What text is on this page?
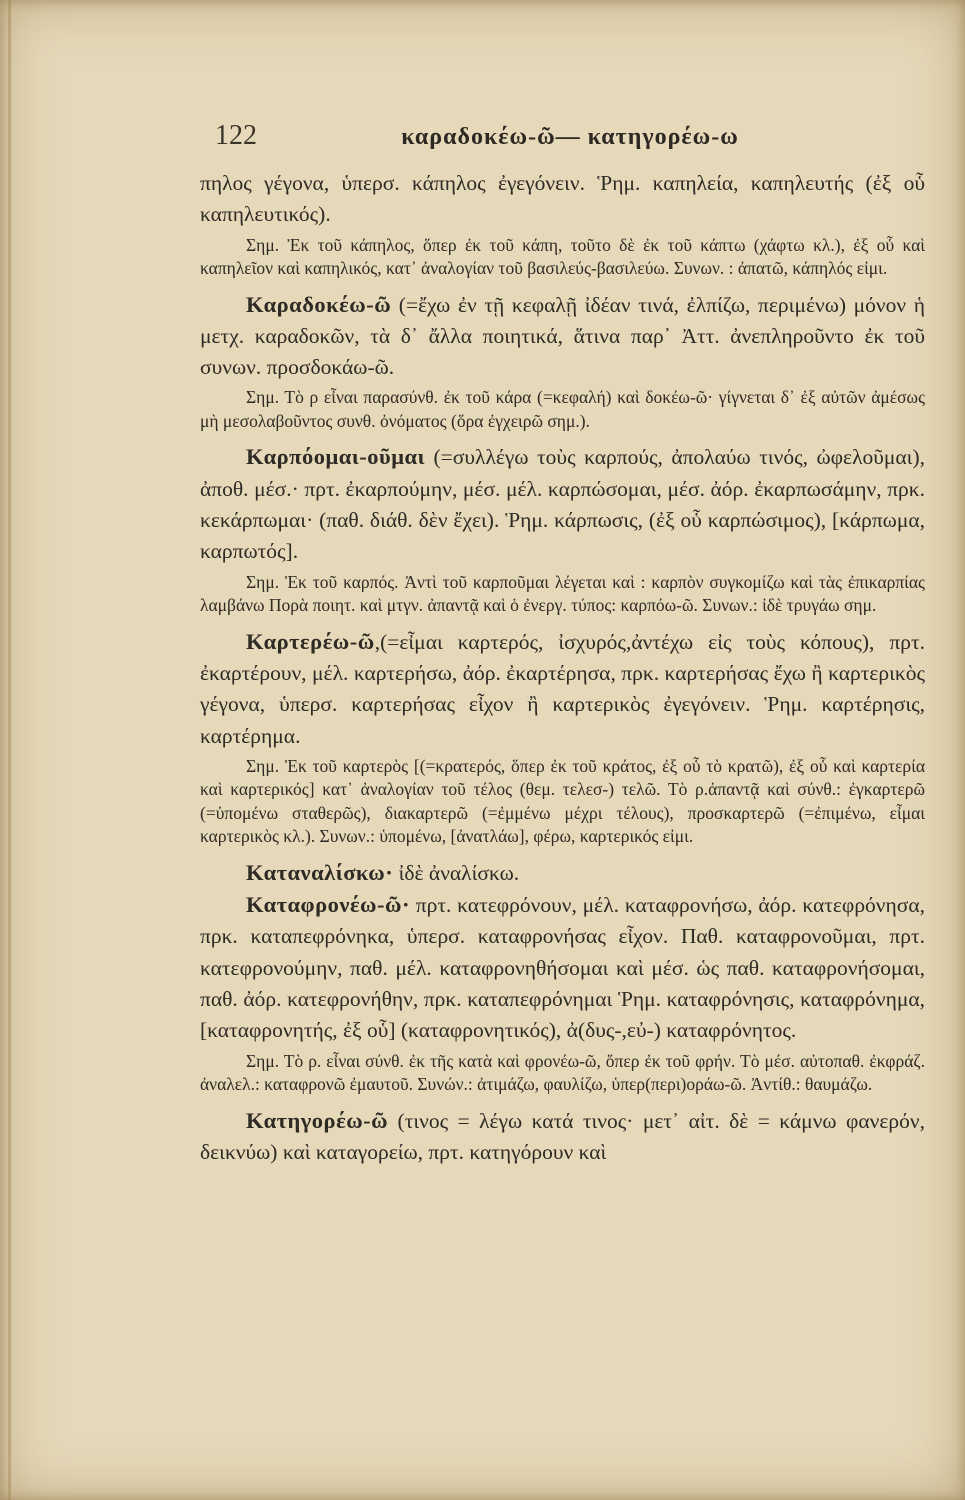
122	καραδοκέω-ῶ— κατηγορέω-ω

πηλος γέγονα, ὑπερσ. κάπηλος ἐγεγόνειν. Ῥημ. καπηλεία, καπηλευτής (ἐξ οὗ καπηλευτικός).

Σημ. Ἐκ τοῦ κάπηλος, ὅπερ ἐκ τοῦ κάπη, τοῦτο δὲ ἐκ τοῦ κάπτω (χάφτω κλ.), ἐξ οὗ καὶ καπηλεῖον καὶ καπηλικός, κατ᾽ ἀναλογίαν τοῦ βασιλεύς-βασιλεύω. Συνων. : ἀπατῶ, κάπηλός εἰμι.

Καραδοκέω-ῶ (=ἔχω ἐν τῇ κεφαλῇ ἰδέαν τινά, ἐλπίζω, περιμένω) μόνον ἡ μετχ. καραδοκῶν, τὰ δ᾽ ἄλλα ποιητικά, ἅτινα παρ᾽ Ἀττ. ἀνεπληροῦντο ἐκ τοῦ συνων. προσδοκάω-ῶ.

Σημ. Τὸ ρ εἶναι παρασύνθ. ἐκ τοῦ κάρα (=κεφαλή) καὶ δοκέω-ῶ· γίγνεται δ᾽ ἐξ αὐτῶν ἀμέσως μὴ μεσολαβοῦντος συνθ. ὀνόματος (ὅρα ἐγχειρῶ σημ.).

Καρπόομαι-οῦμαι (=συλλέγω τοὺς καρπούς, ἀπολαύω τινός, ὠφελοῦμαι), ἀποθ. μέσ.· πρτ. ἐκαρπούμην, μέσ. μέλ. καρπώσομαι, μέσ. ἀόρ. ἐκαρπωσάμην, πρκ. κεκάρπωμαι· (παθ. διάθ. δὲν ἔχει). Ῥημ. κάρπωσις, (ἐξ οὗ καρπώσιμος), [κάρπωμα, καρπωτός].

Σημ. Ἐκ τοῦ καρπός. Ἀντὶ τοῦ καρποῦμαι λέγεται καὶ : καρπὸν συγκομίζω καὶ τὰς ἐπικαρπίας λαμβάνω Πορὰ ποιητ. καὶ μτγν. ἀπαντᾷ καὶ ὁ ἐνεργ. τύπος: καρπόω-ῶ. Συνων.: ἰδὲ τρυγάω σημ.

Καρτερέω-ῶ,(=εἶμαι καρτερός, ἰσχυρός,ἀντέχω εἰς τοὺς κόπους), πρτ. ἐκαρτέρουν, μέλ. καρτερήσω, ἀόρ. ἐκαρτέρησα, πρκ. καρτερήσας ἔχω ἢ καρτερικὸς γέγονα, ὑπερσ. καρτερήσας εἶχον ἢ καρτερικὸς ἐγεγόνειν. Ῥημ. καρτέρησις, καρτέρημα.

Σημ. Ἐκ τοῦ καρτερὸς [(=κρατερός, ὅπερ ἐκ τοῦ κράτος, ἐξ οὗ τὸ κρατῶ), ἐξ οὗ καὶ καρτερία καὶ καρτερικός] κατ᾽ ἀναλογίαν τοῦ τέλος (θεμ. τελεσ-) τελῶ. Τὸ ρ.ἀπαντᾷ καὶ σύνθ.: ἐγκαρτερῶ (=ὑπομένω σταθερῶς), διακαρτερῶ (=ἐμμένω μέχρι τέλους), προσκαρτερῶ (=ἐπιμένω, εἶμαι καρτερικὸς κλ.). Συνων.: ὑπομένω, [ἀνατλάω], φέρω, καρτερικός εἰμι.

Καταναλίσκω· ἰδὲ ἀναλίσκω.

Καταφρονέω-ῶ· πρτ. κατεφρόνουν, μέλ. καταφρονήσω, ἀόρ. κατεφρόνησα, πρκ. καταπεφρόνηκα, ὑπερσ. καταφρονήσας εἶχον. Παθ. καταφρονοῦμαι, πρτ. κατεφρονούμην, παθ. μέλ. καταφρονηθήσομαι καὶ μέσ. ὡς παθ. καταφρονήσομαι, παθ. ἀόρ. κατεφρονήθην, πρκ. καταπεφρόνημαι Ῥημ. καταφρόνησις, καταφρόνημα, [καταφρονητής, ἐξ οὗ] (καταφρονητικός), ἀ(δυς-,εὐ-) καταφρόνητος.

Σημ. Τὸ ρ. εἶναι σύνθ. ἐκ τῆς κατὰ καὶ φρονέω-ῶ, ὅπερ ἐκ τοῦ φρήν. Τὸ μέσ. αὐτοπαθ. ἐκφράζ. ἀναλελ.: καταφρονῶ ἐμαυτοῦ. Συνών.: ἀτιμάζω, φαυλίζω, ὑπερ(περι)οράω-ῶ. Ἀντίθ.: θαυμάζω.

Κατηγορέω-ῶ (τινος = λέγω κατά τινος· μετ᾽ αἰτ. δὲ = κάμνω φανερόν, δεικνύω) καὶ καταγορείω, πρτ. κατηγόρουν καὶ
